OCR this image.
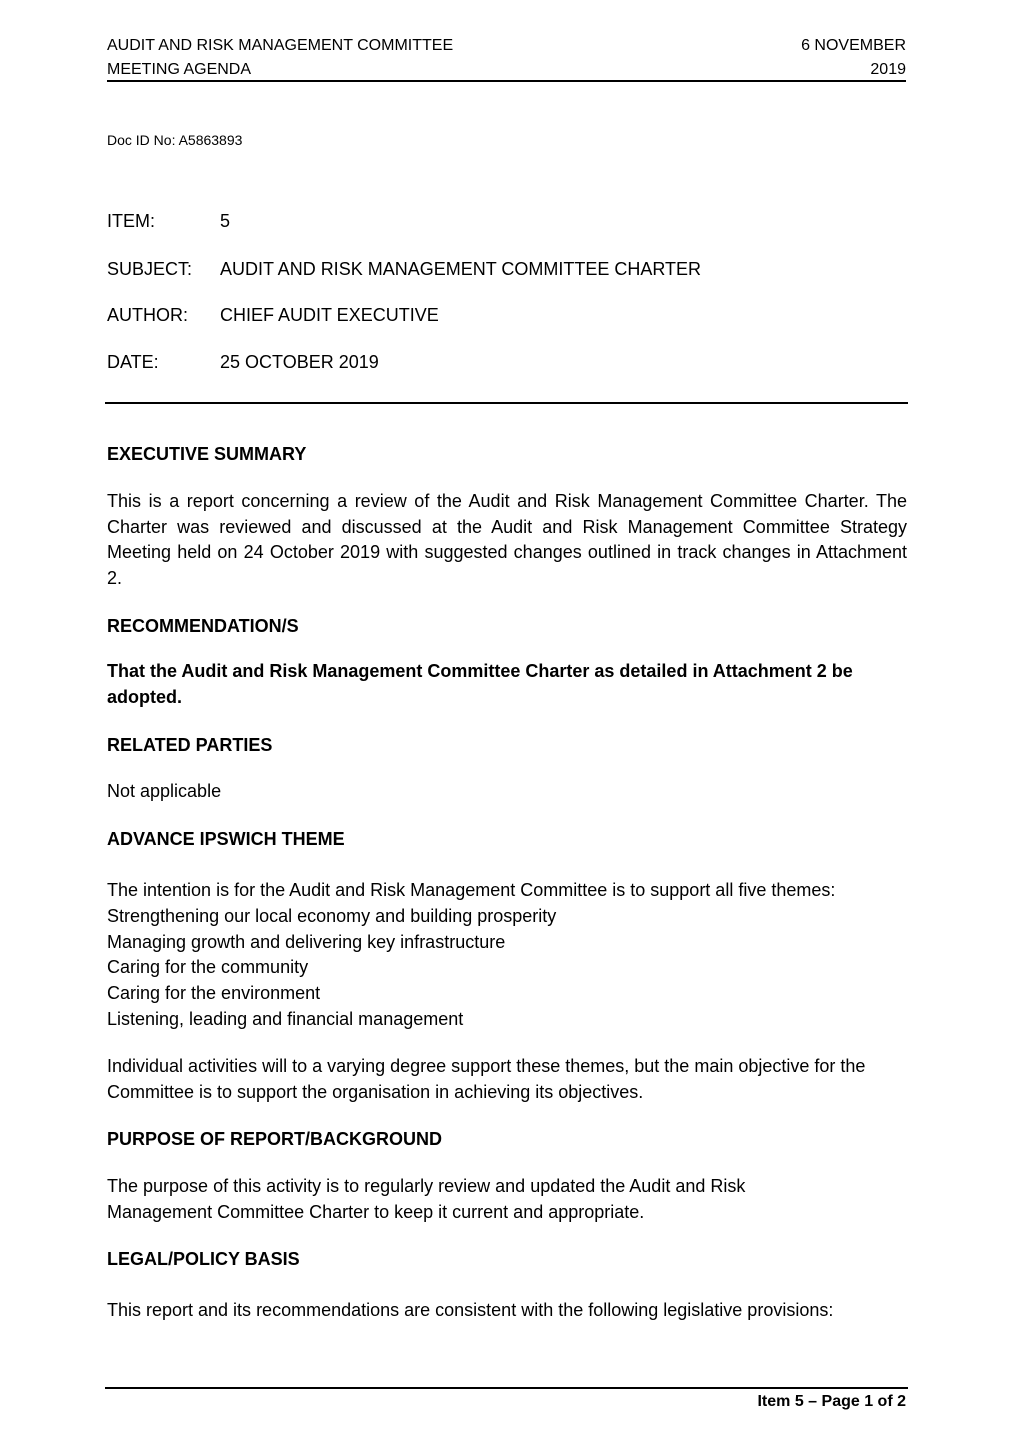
AUDIT AND RISK MANAGEMENT COMMITTEE
MEETING AGENDA
6 NOVEMBER
2019
Doc ID No: A5863893
ITEM:	5
SUBJECT: AUDIT AND RISK MANAGEMENT COMMITTEE CHARTER
AUTHOR: CHIEF AUDIT EXECUTIVE
DATE:	25 OCTOBER 2019
EXECUTIVE SUMMARY
This is a report concerning a review of the Audit and Risk Management Committee Charter. The Charter was reviewed and discussed at the Audit and Risk Management Committee Strategy Meeting held on 24 October 2019 with suggested changes outlined in track changes in Attachment 2.
RECOMMENDATION/S
That the Audit and Risk Management Committee Charter as detailed in Attachment 2 be adopted.
RELATED PARTIES
Not applicable
ADVANCE IPSWICH THEME
The intention is for the Audit and Risk Management Committee is to support all five themes:
Strengthening our local economy and building prosperity
Managing growth and delivering key infrastructure
Caring for the community
Caring for the environment
Listening, leading and financial management
Individual activities will to a varying degree support these themes, but the main objective for the Committee is to support the organisation in achieving its objectives.
PURPOSE OF REPORT/BACKGROUND
The purpose of this activity is to regularly review and updated the Audit and Risk Management Committee Charter to keep it current and appropriate.
LEGAL/POLICY BASIS
This report and its recommendations are consistent with the following legislative provisions:
Item 5 – Page 1 of 2
